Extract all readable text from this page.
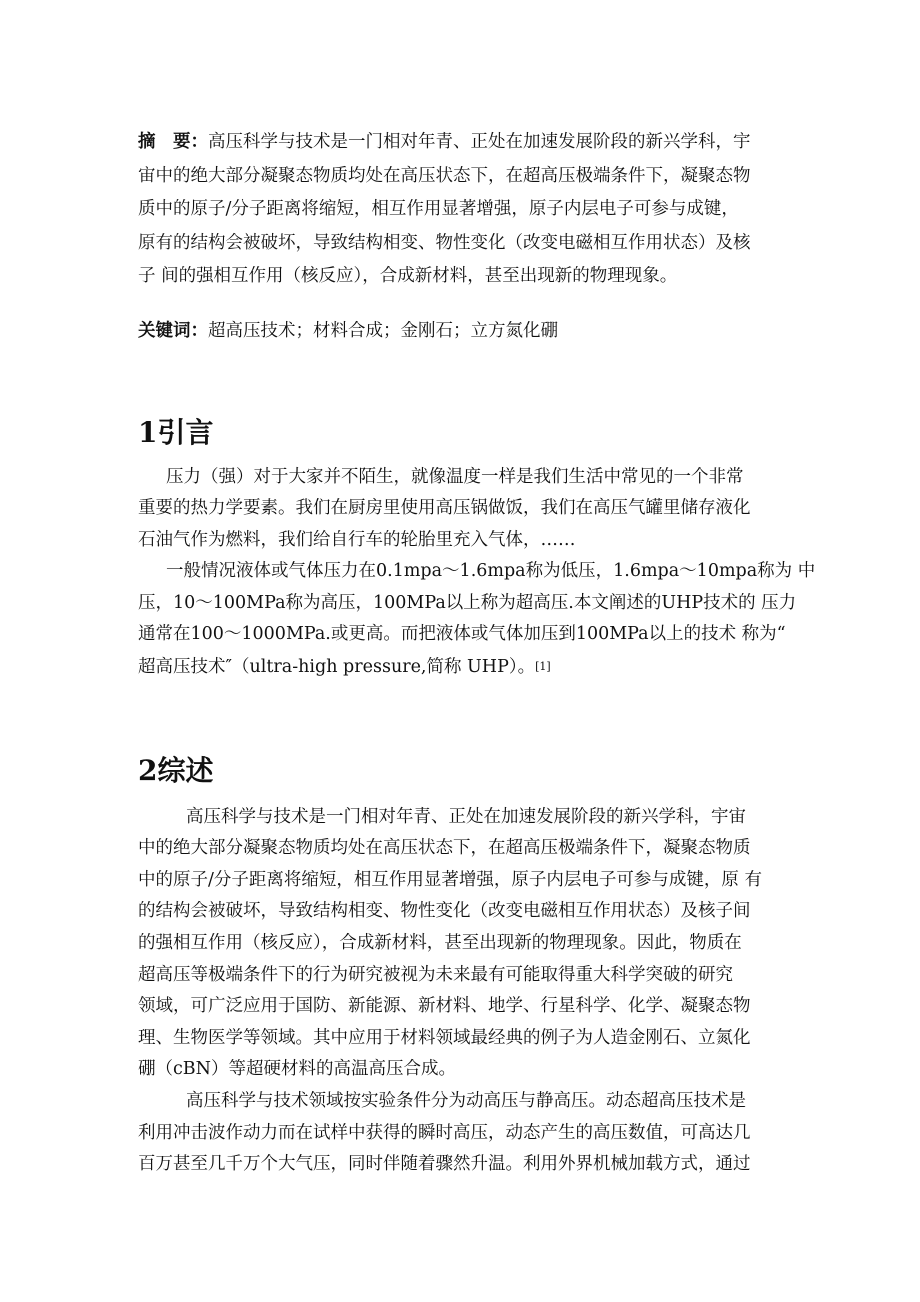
摘　要：高压科学与技术是一门相对年青、正处在加速发展阶段的新兴学科，宇
宙中的绝大部分凝聚态物质均处在高压状态下，在超高压极端条件下，凝聚态物
质中的原子/分子距离将缩短，相互作用显著增强，原子内层电子可参与成键，
原有的结构会被破坏，导致结构相变、物性变化（改变电磁相互作用状态）及核
子 间的强相互作用（核反应），合成新材料，甚至出现新的物理现象。
关键词：超高压技术；材料合成；金刚石；立方氮化硼
1引言
压力（强）对于大家并不陌生，就像温度一样是我们生活中常见的一个非常
重要的热力学要素。我们在厨房里使用高压锅做饭，我们在高压气罐里储存液化
石油气作为燃料，我们给自行车的轮胎里充入气体，……
一般情况液体或气体压力在0.1mpa～1.6mpa称为低压，1.6mpa～10mpa称为 中
压，10～100MPa称为高压，100MPa以上称为超高压.本文阐述的UHP技术的 压力
通常在100～1000MPa.或更高。而把液体或气体加压到100MPa以上的技术 称为“
超高压技术″（ultra-high pressure,简称 UHP）。[1]
2综述
高压科学与技术是一门相对年青、正处在加速发展阶段的新兴学科，宇宙
中的绝大部分凝聚态物质均处在高压状态下，在超高压极端条件下，凝聚态物质
中的原子/分子距离将缩短，相互作用显著增强，原子内层电子可参与成键，原 有
的结构会被破坏，导致结构相变、物性变化（改变电磁相互作用状态）及核子间
的强相互作用（核反应），合成新材料，甚至出现新的物理现象。因此，物质在
超高压等极端条件下的行为研究被视为未来最有可能取得重大科学突破的研究
领域，可广泛应用于国防、新能源、新材料、地学、行星科学、化学、凝聚态物
理、生物医学等领域。其中应用于材料领域最经典的例子为人造金刚石、立氮化
硼（cBN）等超硬材料的高温高压合成。
高压科学与技术领域按实验条件分为动高压与静高压。动态超高压技术是
利用冲击波作动力而在试样中获得的瞬时高压，动态产生的高压数值，可高达几
百万甚至几千万个大气压，同时伴随着骤然升温。利用外界机械加载方式，通过
